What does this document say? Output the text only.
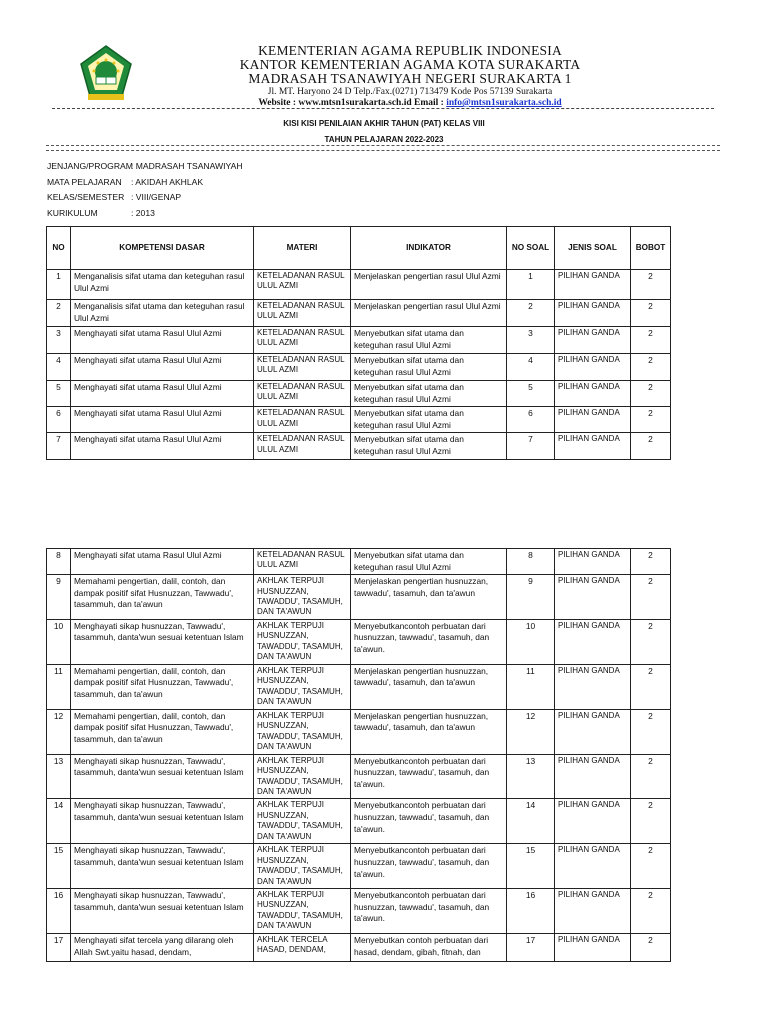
KEMENTERIAN AGAMA REPUBLIK INDONESIA
KANTOR KEMENTERIAN AGAMA KOTA SURAKARTA
MADRASAH TSANAWIYAH NEGERI SURAKARTA 1
Jl. MT. Haryono 24 D Telp./Fax.(0271) 713479 Kode Pos 57139 Surakarta
Website : www.mtsn1surakarta.sch.id Email : info@mtsn1surakarta.sch.id
KISI KISI PENILAIAN AKHIR TAHUN (PAT) KELAS VIII
TAHUN PELAJARAN 2022-2023
JENJANG/PROGRAM
: MADRASAH TSANAWIYAH
MATA PELAJARAN	: AKIDAH AKHLAK
KELAS/SEMESTER : VIII/GENAP
KURIKULUM	: 2013
NO	KOMPETENSI DASAR	MATERI	INDIKATOR	NO SOAL	JENIS SOAL	BOBOT
1	Menganalisis sifat utama dan keteguhan rasul Ulul Azmi	KETELADANAN RASUL ULUL AZMI	Menjelaskan pengertian rasul Ulul Azmi	1	PILIHAN GANDA	2
2	Menganalisis sifat utama dan keteguhan rasul Ulul Azmi	KETELADANAN RASUL ULUL AZMI	Menjelaskan pengertian rasul Ulul Azmi	2	PILIHAN GANDA	2
3	Menghayati sifat utama Rasul Ulul Azmi	KETELADANAN RASUL ULUL AZMI	Menyebutkan sifat utama dan keteguhan rasul Ulul Azmi	3	PILIHAN GANDA	2
4	Menghayati sifat utama Rasul Ulul Azmi	KETELADANAN RASUL ULUL AZMI	Menyebutkan sifat utama dan keteguhan rasul Ulul Azmi	4	PILIHAN GANDA	2
5	Menghayati sifat utama Rasul Ulul Azmi	KETELADANAN RASUL ULUL AZMI	Menyebutkan sifat utama dan keteguhan rasul Ulul Azmi	5	PILIHAN GANDA	2
6	Menghayati sifat utama Rasul Ulul Azmi	KETELADANAN RASUL ULUL AZMI	Menyebutkan sifat utama dan keteguhan rasul Ulul Azmi	6	PILIHAN GANDA	2
7	Menghayati sifat utama Rasul Ulul Azmi	KETELADANAN RASUL ULUL AZMI	Menyebutkan sifat utama dan keteguhan rasul Ulul Azmi	7	PILIHAN GANDA	2
8	Menghayati sifat utama Rasul Ulul Azmi	KETELADANAN RASUL ULUL AZMI	Menyebutkan sifat utama dan keteguhan rasul Ulul Azmi	8	PILIHAN GANDA	2
9	Memahami pengertian, dalil, contoh, dan dampak positif sifat Husnuzzan, Tawwadu', tasammuh, dan ta'awun	AKHLAK TERPUJI HUSNUZZAN, TAWADDU', TASAMUH, DAN TA'AWUN	Menjelaskan pengertian husnuzzan, tawwadu', tasamuh, dan ta'awun	9	PILIHAN GANDA	2
10	Menghayati sikap husnuzzan, Tawwadu', tasammuh, danta'wun sesuai ketentuan Islam	AKHLAK TERPUJI HUSNUZZAN, TAWADDU', TASAMUH, DAN TA'AWUN	Menyebutkancontoh perbuatan dari husnuzzan, tawwadu', tasamuh, dan ta'awun.	10	PILIHAN GANDA	2
11	Memahami pengertian, dalil, contoh, dan dampak positif sifat Husnuzzan, Tawwadu', tasammuh, dan ta'awun	AKHLAK TERPUJI HUSNUZZAN, TAWADDU', TASAMUH, DAN TA'AWUN	Menjelaskan pengertian husnuzzan, tawwadu', tasamuh, dan ta'awun	11	PILIHAN GANDA	2
12	Memahami pengertian, dalil, contoh, dan dampak positif sifat Husnuzzan, Tawwadu', tasammuh, dan ta'awun	AKHLAK TERPUJI HUSNUZZAN, TAWADDU', TASAMUH, DAN TA'AWUN	Menjelaskan pengertian husnuzzan, tawwadu', tasamuh, dan ta'awun	12	PILIHAN GANDA	2
13	Menghayati sikap husnuzzan, Tawwadu', tasammuh, danta'wun sesuai ketentuan Islam	AKHLAK TERPUJI HUSNUZZAN, TAWADDU', TASAMUH, DAN TA'AWUN	Menyebutkancontoh perbuatan dari husnuzzan, tawwadu', tasamuh, dan ta'awun.	13	PILIHAN GANDA	2
14	Menghayati sikap husnuzzan, Tawwadu', tasammuh, danta'wun sesuai ketentuan Islam	AKHLAK TERPUJI HUSNUZZAN, TAWADDU', TASAMUH, DAN TA'AWUN	Menyebutkancontoh perbuatan dari husnuzzan, tawwadu', tasamuh, dan ta'awun.	14	PILIHAN GANDA	2
15	Menghayati sikap husnuzzan, Tawwadu', tasammuh, danta'wun sesuai ketentuan Islam	AKHLAK TERPUJI HUSNUZZAN, TAWADDU', TASAMUH, DAN TA'AWUN	Menyebutkancontoh perbuatan dari husnuzzan, tawwadu', tasamuh, dan ta'awun.	15	PILIHAN GANDA	2
16	Menghayati sikap husnuzzan, Tawwadu', tasammuh, danta'wun sesuai ketentuan Islam	AKHLAK TERPUJI HUSNUZZAN, TAWADDU', TASAMUH, DAN TA'AWUN	Menyebutkancontoh perbuatan dari husnuzzan, tawwadu', tasamuh, dan ta'awun.	16	PILIHAN GANDA	2
17	Menghayati sifat tercela yang dilarang oleh Allah Swt.yaitu hasad, dendam,	AKHLAK TERCELA HASAD, DENDAM,	Menyebutkan contoh perbuatan dari hasad, dendam, gibah, fitnah, dan	17	PILIHAN GANDA	2
